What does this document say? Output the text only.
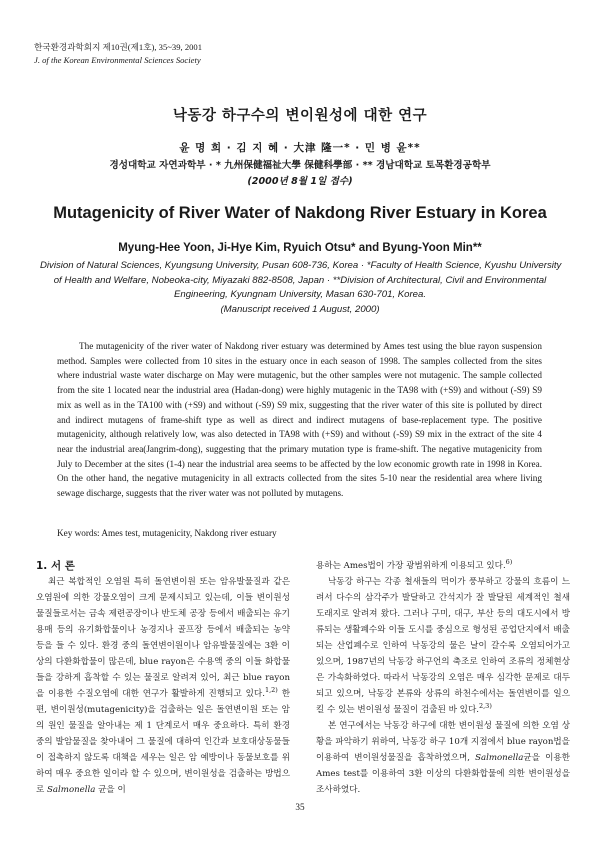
한국환경과학회지 제10권(제1호), 35~39, 2001
J. of the Korean Environmental Sciences Society
낙동강 하구수의 변이원성에 대한 연구
윤 명 희 · 김 지 혜 · 大津 隆一* · 민 병 윤**
경성대학교 자연과학부 · * 九州保健福祉大學 保健科學部 · ** 경남대학교 토목환경공학부
(2000년 8월 1일 접수)
Mutagenicity of River Water of Nakdong River Estuary in Korea
Myung-Hee Yoon, Ji-Hye Kim, Ryuich Otsu* and Byung-Yoon Min**
Division of Natural Sciences, Kyungsung University, Pusan 608-736, Korea · *Faculty of Health Science, Kyushu University
of Health and Welfare, Nobeoka-city, Miyazaki 882-8508, Japan · **Division of Architectural, Civil and Environmental
Engineering, Kyungnam University, Masan 630-701, Korea.
(Manuscript received 1 August, 2000)
The mutagenicity of the river water of Nakdong river estuary was determined by Ames test using the blue rayon suspension method. Samples were collected from 10 sites in the estuary once in each season of 1998. The samples collected from the sites where industrial waste water discharge on May were mutagenic, but the other samples were not mutagenic. The sample collected from the site 1 located near the industrial area (Hadan-dong) were highly mutagenic in the TA98 with (+S9) and without (-S9) S9 mix as well as in the TA100 with (+S9) and without (-S9) S9 mix, suggesting that the river water of this site is polluted by direct and indirect mutagens of frame-shift type as well as direct and indirect mutagens of base-replacement type. The positive mutagenicity, although relatively low, was also detected in TA98 with (+S9) and without (-S9) S9 mix in the extract of the site 4 near the industrial area(Jangrim-dong), suggesting that the primary mutation type is frame-shift. The negative mutagenicity from July to December at the sites (1-4) near the industrial area seems to be affected by the low economic growth rate in 1998 in Korea. On the other hand, the negative mutagenicity in all extracts collected from the sites 5-10 near the residential area where living sewage discharge, suggests that the river water was not polluted by mutagens.
Key words: Ames test, mutagenicity, Nakdong river estuary
1. 서 론

최근 복합적인 오염원 특히 돌연변이원 또는 암유발물질과 같은 오염원에 의한 강물오염이 크게 문제시되고 있는데, 이들 변이원성 물질들로서는 금속 제련공장이나 반도체 공장 등에서 배출되는 유기용매 등의 유기화합물이나 농경지나 골프장 등에서 배출되는 농약 등을 들 수 있다. 환경 중의 돌연변이원이나 암유발물질에는 3환 이상의 다환화합물이 많은데, blue rayon은 수용액 중의 이들 화합물들을 강하게 흡착할 수 있는 물질로 알려져 있어, 최근 blue rayon을 이용한 수질오염에 대한 연구가 활발하게 진행되고 있다.$^{1,2)}$ 한편, 변이원성(mutagenicity)을 검출하는 일은 돌연변이원 또는 암의 원인 물질을 알아내는 제 1 단계로서 매우 중요하다. 특히 환경 중의 발암물질을 찾아내어 그 물질에 대하여 인간과 보호대상동물들이 접촉하지 않도록 대책을 세우는 일은 암 예방이나 동물보호를 위하여 매우 중요한 일이라 할 수 있으며, 변이원성을 검출하는 방법으로 Salmonella 균을 이

용하는 Ames법이 가장 광범위하게 이용되고 있다.$^{6)}$

낙동강 하구는 각종 철새들의 먹이가 풍부하고 강물의 흐름이 느려서 다수의 삼각주가 발달하고 간석지가 잘 발달된 세계적인 철새도래지로 알려져 왔다. 그러나 구미, 대구, 부산 등의 대도시에서 방류되는 생활폐수와 이들 도시를 중심으로 형성된 공업단지에서 배출되는 산업폐수로 인하여 낙동강의 물은 날이 갈수록 오염되어가고 있으며, 1987년의 낙동강 하구언의 축조로 인하여 조류의 정체현상은 가속화하였다. 따라서 낙동강의 오염은 매우 심각한 문제로 대두되고 있으며, 낙동강 본류와 상류의 하천수에서는 돌연변이를 일으킬 수 있는 변이원성 물질이 검출된 바 있다.$^{2,3)}$

본 연구에서는 낙동강 하구에 대한 변이원성 물질에 의한 오염 상황을 파악하기 위하여, 낙동강 하구 10개 지점에서 blue rayon법을 이용하여 변이원성물질을 흡착하였으며, Salmonella균을 이용한 Ames test를 이용하여 3환 이상의 다환화합물에 의한 변이원성을 조사하였다.

35
